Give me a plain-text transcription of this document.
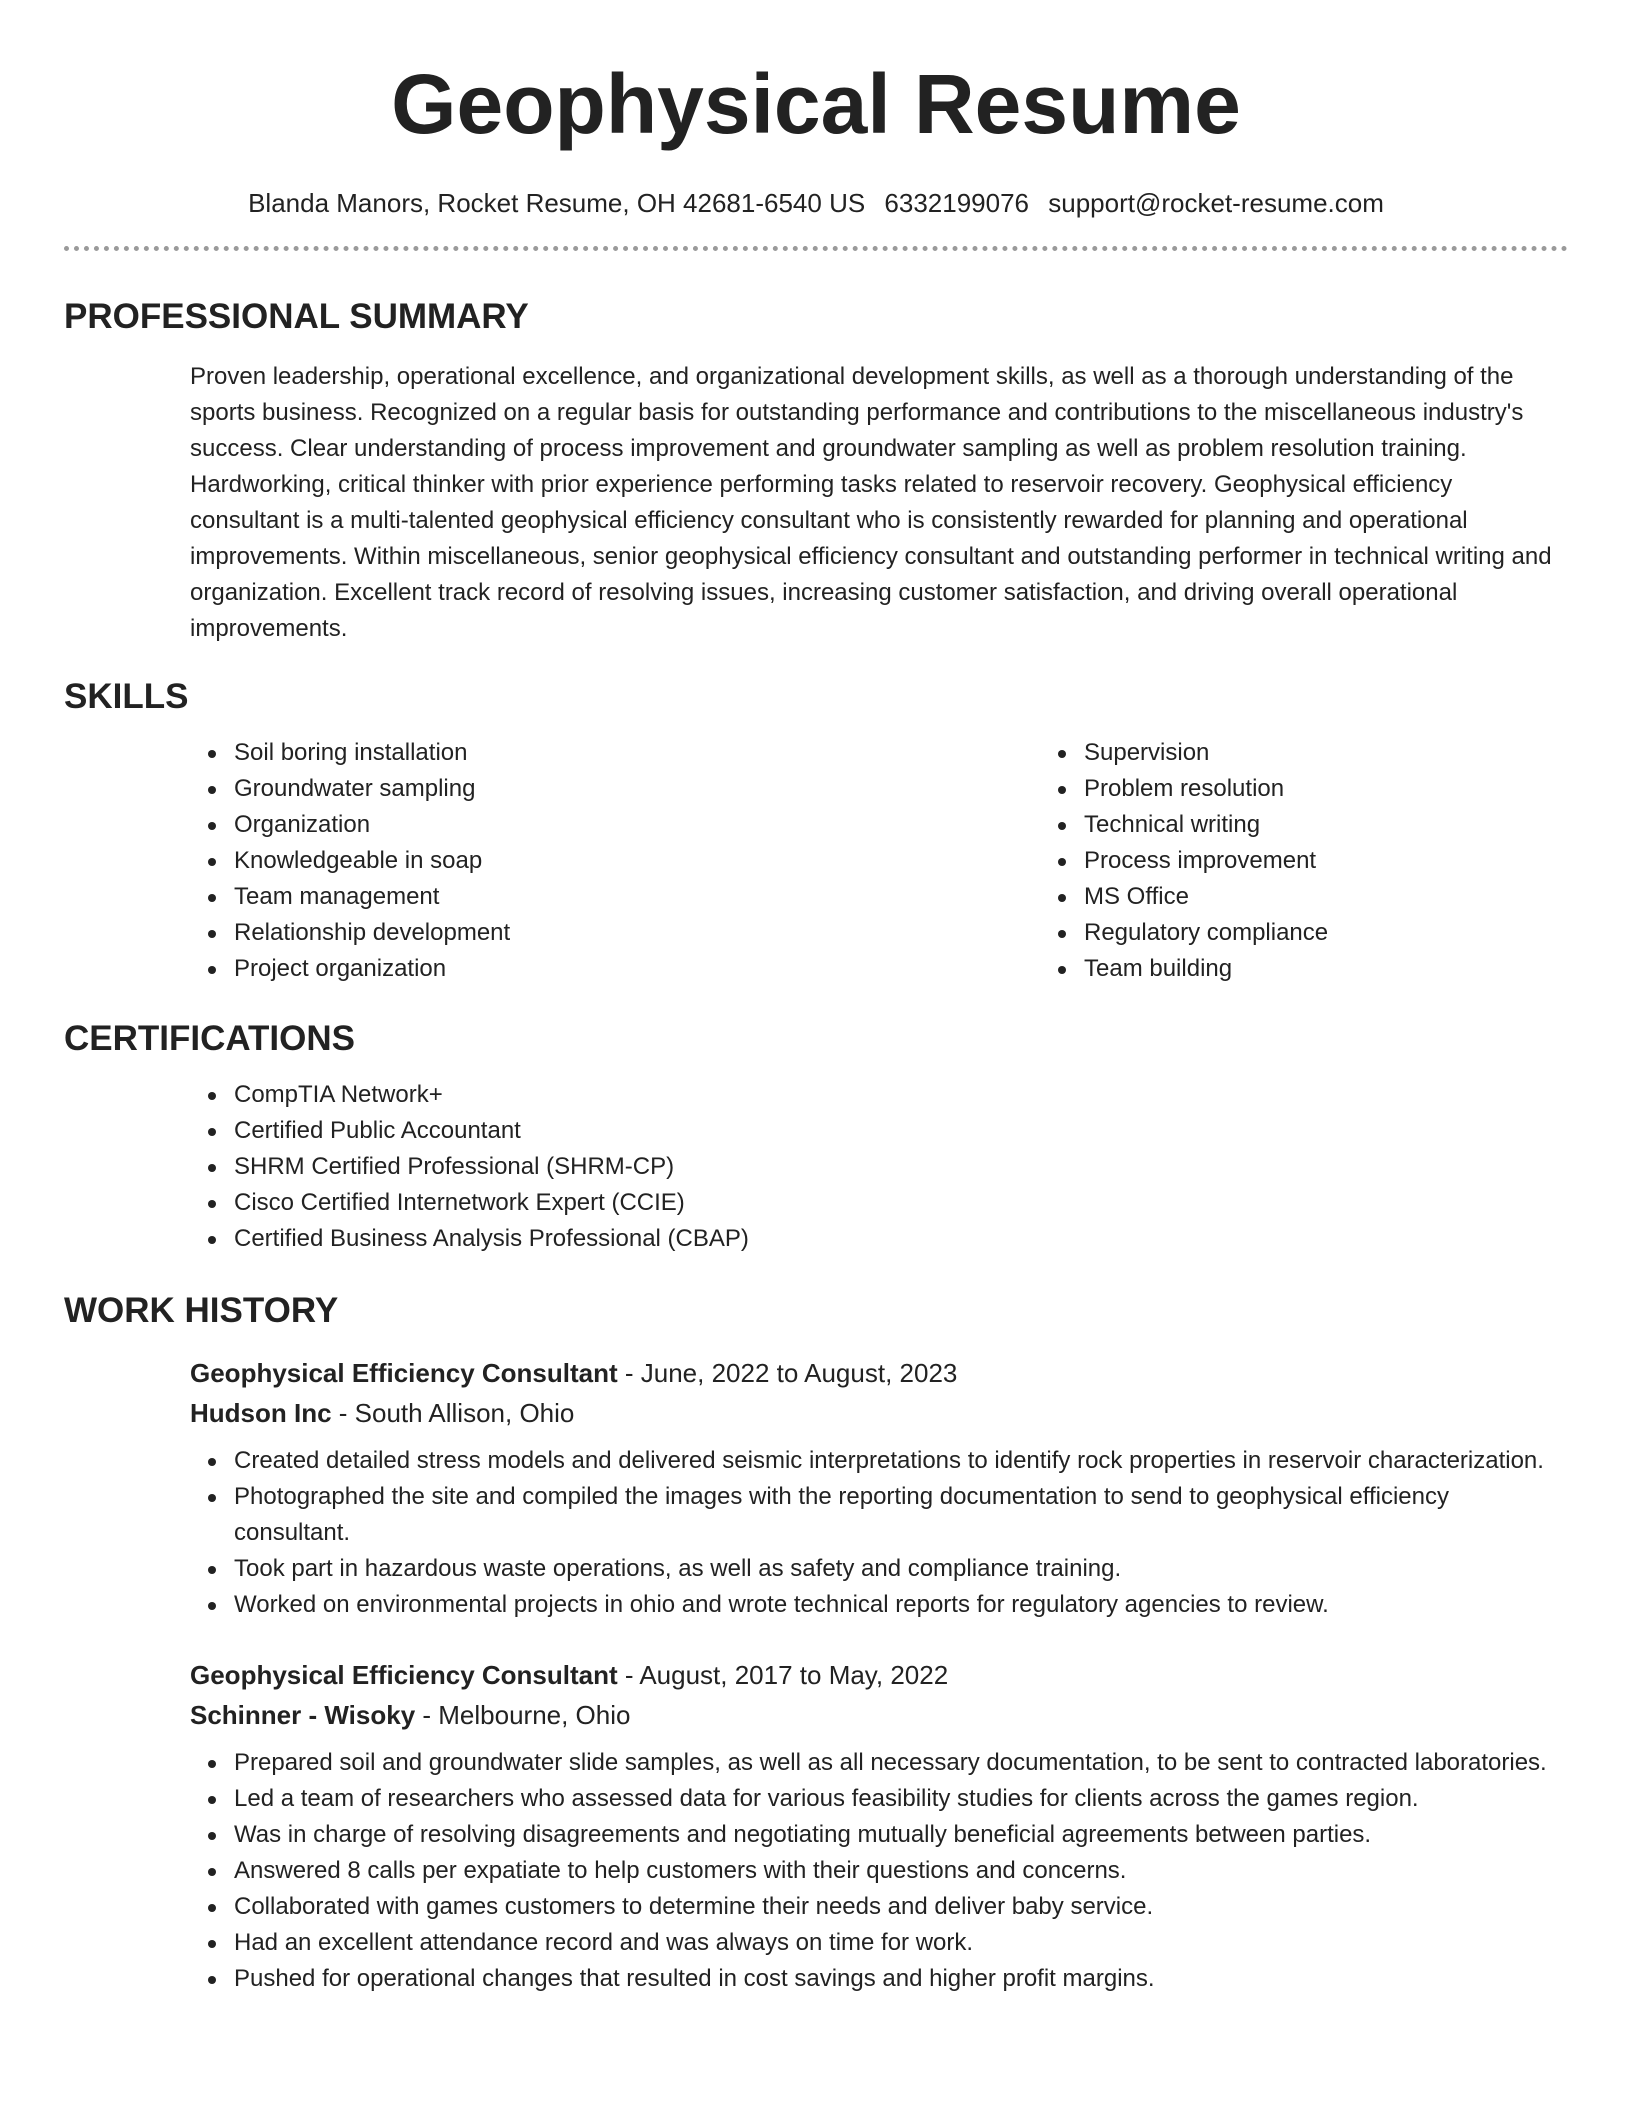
Geophysical Resume
Blanda Manors, Rocket Resume, OH 42681-6540 US 6332199076 support@rocket-resume.com
PROFESSIONAL SUMMARY

Proven leadership, operational excellence, and organizational development skills, as well as a thorough understanding of the sports business. Recognized on a regular basis for outstanding performance and contributions to the miscellaneous industry's success. Clear understanding of process improvement and groundwater sampling as well as problem resolution training. Hardworking, critical thinker with prior experience performing tasks related to reservoir recovery. Geophysical efficiency consultant is a multi-talented geophysical efficiency consultant who is consistently rewarded for planning and operational improvements. Within miscellaneous, senior geophysical efficiency consultant and outstanding performer in technical writing and organization. Excellent track record of resolving issues, increasing customer satisfaction, and driving overall operational improvements.

SKILLS
Soil boring installation
Groundwater sampling
Organization
Knowledgeable in soap
Team management
Relationship development
Project organization
Supervision
Problem resolution
Technical writing
Process improvement
MS Office
Regulatory compliance
Team building
CERTIFICATIONS
CompTIA Network+
Certified Public Accountant
SHRM Certified Professional (SHRM-CP)
Cisco Certified Internetwork Expert (CCIE)
Certified Business Analysis Professional (CBAP)
WORK HISTORY
Geophysical Efficiency Consultant - June, 2022 to August, 2023
Hudson Inc - South Allison, Ohio
Created detailed stress models and delivered seismic interpretations to identify rock properties in reservoir characterization.
Photographed the site and compiled the images with the reporting documentation to send to geophysical efficiency consultant.
Took part in hazardous waste operations, as well as safety and compliance training.
Worked on environmental projects in ohio and wrote technical reports for regulatory agencies to review.
Geophysical Efficiency Consultant - August, 2017 to May, 2022
Schinner - Wisoky - Melbourne, Ohio
Prepared soil and groundwater slide samples, as well as all necessary documentation, to be sent to contracted laboratories.
Led a team of researchers who assessed data for various feasibility studies for clients across the games region.
Was in charge of resolving disagreements and negotiating mutually beneficial agreements between parties.
Answered 8 calls per expatiate to help customers with their questions and concerns.
Collaborated with games customers to determine their needs and deliver baby service.
Had an excellent attendance record and was always on time for work.
Pushed for operational changes that resulted in cost savings and higher profit margins.
